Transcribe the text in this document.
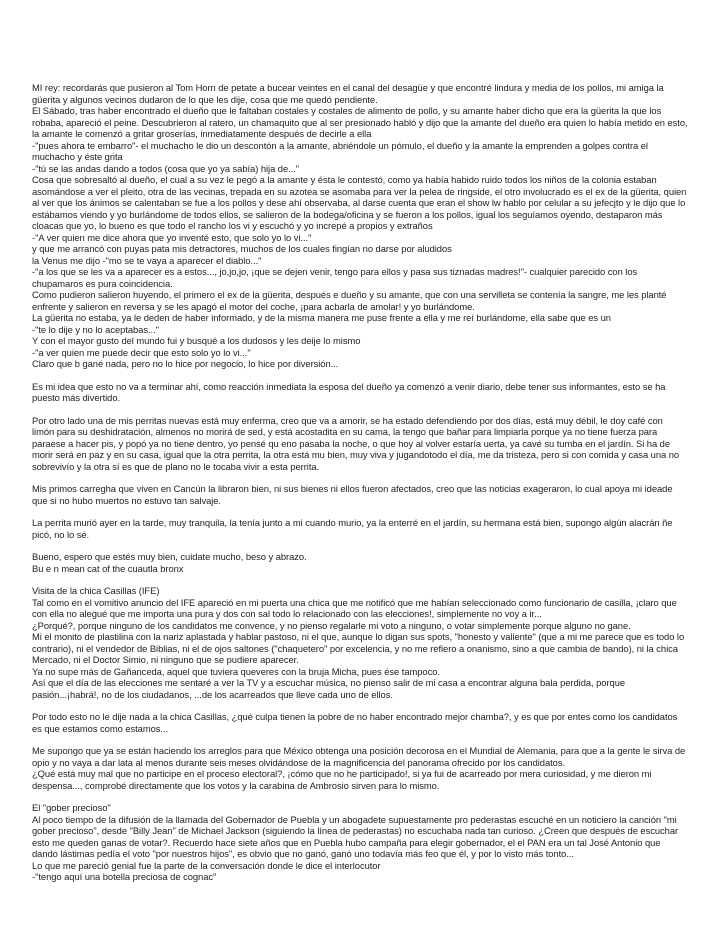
MI rey: recordarás que pusieron al Tom Horn de petate a bucear veintes en el canal del desagüe y que encontré lindura y media de los pollos, mi amiga la
güerita y algunos vecinos dudaron de lo que les dije, cosa que me quedó pendiente.
El Sábado, tras haber encontrado el dueño que le faltaban costales y costales de alimento de pollo, y su amante haber dicho que era la güerita la que los
robaba, apareció el peine. Descubrieron al ratero, un chamaquito que al ser presionado habló y dijo que la amante del dueño era quien lo había metido en esto,
la amante le comenzó a gritar groserías, inmediatamente después de decirle a ella
-"pues ahora te embarro"- el muchacho le dio un descontón a la amante, abriéndole un pómulo, el dueño y la amante la emprenden a golpes contra el
muchacho y éste grita
-"tú se las andas dando a todos (cosa que yo ya sabía) hija de..."
Cosa que sobresaltó al dueño, el cual a su vez le pegó a la amante y ésta le contestó, como ya había habido ruido todos los niños de la colonia estaban
asomándose a ver el pleito, otra de las vecinas, trepada en su azotea se asomaba para ver la pelea de ringside, el otro involucrado es el ex de la güerita, quien
al ver que los ánimos se calentaban se fue a los pollos y dese ahí observaba, al darse cuenta que eran el show lw hablo por celular a su jefecjto y le dijo que lo
estábamos viendo y yo burlándome de todos ellos, se salieron de la bodega/oficina y se fueron a los pollos, igual los seguíamos oyendo, destaparon más
cloacas que yo, lo bueno es que todo el rancho los vi y escuchó y yo increpé a propios y extraños
-"A ver quien me dice ahora que yo inventé esto, que solo yo lo vi..."
y que me arrancó con puyas pata mis detractores, muchos de los cuales fingían no darse por aludidos
la Venus me dijo -"mo se te vaya a aparecer el diablo..."
-"a los que se les va a aparecer es a estos..., jo,jo,jo, ¡que se dejen venir, tengo para ellos y pasa sus tiznadas madres!"- cualquier parecido con los
chupamaros es pura coincidencia.
Como pudieron salieron huyendo, el primero el ex de la güerita, después e dueño y su amante, que con una servilleta se contenía la sangre, me les planté
enfrente y salieron en reversa y se les apagó el motor del coche, ¡para acbarla de amolar! y yo burlándome.
La güerita no estaba, ya le deden de haber informado, y de la misma manera me puse frente a ella y me reí burlándome, ella sabe que es un
-"te lo dije y no lo aceptabas..."
Y con el mayor gusto del mundo fui y busqué a los dudosos y les deije lo mismo
-"a ver quien me puede decir que esto solo yo lo vi..."
Claro que b gané nada, pero no lo hice por negocio, lo hice por diversión...
Es mi idea que esto no va a terminar ahí, como reacción inmediata la esposa del dueño ya comenzó a venir diario, debe tener sus informantes, esto se ha
puesto más divertido.
Por otro lado una de mis perritas nuevas está muy enferma, creo que va a amorir, se ha estado defendiendo por dos días, está muy débil, le doy café con
limón para su deshidratación, almenos no morirá de sed, y está acostadita en su cama, la tengo que bañar para limpiarla porque ya no tiene fuerza para
paraese a hacer pis, y popó ya no tiene dentro, yo pensé qu eno pasaba la noche, o que hoy al volver estaría uerta, ya cavé su tumba en el jardín. Si ha de
morir será en paz y en su casa, igual que la otra perrita, la otra está mu bien, muy viva y jugandotodo el día, me da tristeza, pero si con comida y casa una no
sobrevivío y la otra sí es que de plano no le tocaba vivir a esta perrita.
Mis primos carregha que viven en Cancún la libraron bien, ni sus bienes ni ellos fueron afectados, creo que las noticias exageraron, lo cual apoya mi ideade
que si no hubo muertos no estuvo tan salvaje.
La perrita murió ayer en la tarde, muy tranquila, la tenía junto a mi cuando murio, ya la enterré en el jardín, su hermana está bien, supongo algún alacrán ñe
picó, no lo sé.
Bueno, espero que estés muy bien, cuidate mucho, beso y abrazo.
Bu e n mean cat of the cuautla bronx
Visita de la chica Casillas (IFE)
Tal como en el vomitivo anuncio del IFE apareció en mi puerta una chica que me notificó que me habían seleccionado como funcionario de casilla, ¡claro que
con ella no alegué que me importa una pura y dos con sal todo lo relacionado con las elecciones!, simplemente no voy a ir...
¿Porqué?, porque ninguno de los candidatos me convence, y no pienso regalarle mi voto a ninguno, o votar simplemente porque alguno no gane.
Mi el monito de plastilina con la nariz aplastada y hablar pastoso, ni el que, aunque lo digan sus spots, "honesto y valiente" (que a mi me parece que es todo lo
contrario), ni el vendedor de Biblias, ni el de ojos saltones ("chaquetero" por excelencia, y no me refiero a onanismo, sino a que cambia de bando), ni la chica
Mercado, ni el Doctor Simio, ni ninguno que se pudiere aparecer.
Ya no supe más de Gañanceda, aquel que tuviera queveres con la bruja Micha, pues ése tampoco.
Así que el día de las elecciones me sentaré a ver la TV y a escuchar música, no pienso salir de mi casa a encontrar alguna bala perdida, porque
pasión...¡habrá!, no de los ciudadanos, ...de los acarreados que lleve cada uno de ellos.
Por todo esto no le dije nada a la chica Casillas, ¿qué culpa tienen la pobre de no haber encontrado mejor chamba?, y es que por entes como los candidatos
es que estamos como estamos...
Me supongo que ya se están haciendo los arreglos para que México obtenga una posición decorosa en el Mundial de Alemania, para que a la gente le sirva de
opio y no vaya a dar lata al menos durante seis meses olvidándose de la magnificencia del panorama ofrecido por los candidatos.
¿Qué está muy mal que no participe en el proceso electoral?, ¡cómo que no he participado!, si ya fui de acarreado por mera curiosidad, y me dieron mi
despensa..., comprobé directamente que los votos y la carabina de Ambrosio sirven para lo mismo.
El "gober precioso"
Al poco tiempo de la difusión de la llamada del Gobernador de Puebla y un abogadete supuestamente pro pederastas escuché en un noticiero la canción "mi
gober precioso", desde "Billy Jean" de Michael Jackson (siguiendo la línea de pederastas) no escuchaba nada tan curioso. ¿Creen que después de escuchar
esto me queden ganas de votar?. Recuerdo hace siete años que en Puebla hubo campaña para elegir gobernador, el el PAN era un tal José Antonio que
dando lástimas pedía el voto "por nuestros hijos", es obvio que no ganó, ganó uno todavía más feo que él, y por lo visto más tonto...
Lo que me pareció genial fue la parte de la conversación donde le dice el interlocutor
-"tengo aquí una botella preciosa de cognac"
